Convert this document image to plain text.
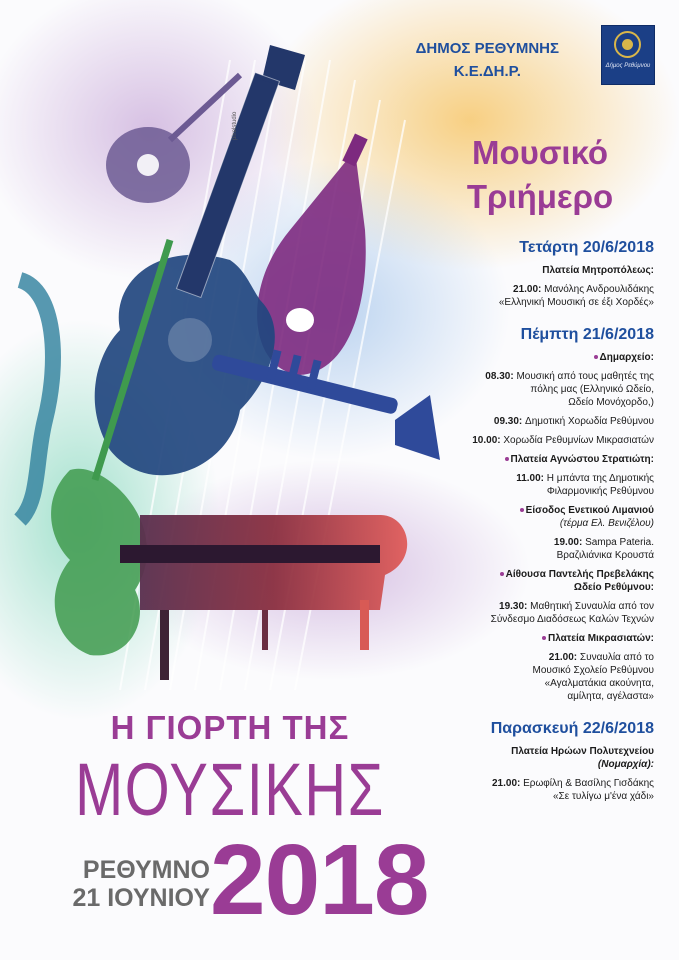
pixelstudio
ΔΗΜΟΣ ΡΕΘΥΜΝΗΣ
Κ.Ε.ΔΗ.Ρ.	Δήμος Ρεθύμνου
Μουσικό
Τριήμερο
Τετάρτη 20/6/2018
Πλατεία Μητροπόλεως:
21.00: Μανόλης Ανδρουλιδάκης
«Ελληνική Μουσική σε έξι Χορδές»
Πέμπτη 21/6/2018
Δημαρχείο:
08.30: Μουσική από τους μαθητές της
πόλης μας (Ελληνικό Ωδείο,
Ωδείο Μονόχορδο,)
09.30: Δημοτική Χορωδία Ρεθύμνου
10.00: Χορωδία Ρεθυμνίων Μικρασιατών
Πλατεία Αγνώστου Στρατιώτη:
11.00: Η μπάντα της Δημοτικής
Φιλαρμονικής Ρεθύμνου
Είσοδος Ενετικού Λιμανιού
(τέρμα Ελ. Βενιζέλου)
19.00: Sampa Pateria.
Βραζιλιάνικα Κρουστά
Αίθουσα Παντελής Πρεβελάκης
Ωδείο Ρεθύμνου:
19.30: Μαθητική Συναυλία από τον
Σύνδεσμο Διαδόσεως Καλών Τεχνών
Πλατεία Μικρασιατών:
21.00: Συναυλία από το
Μουσικό Σχολείο Ρεθύμνου
«Αγαλματάκια ακούνητα,
αμίλητα, αγέλαστα»
Παρασκευή 22/6/2018
Πλατεία Ηρώων Πολυτεχνείου
(Νομαρχία):
21.00: Ερωφίλη & Βασίλης Γισδάκης
«Σε τυλίγω μ'ένα χάδι»
Η ΓΙΟΡΤΗ ΤΗΣ
ΜΟΥΣΙΚΗΣ
ΡΕΘΥΜΝΟ
21 ΙΟΥΝΙΟΥ 2018
